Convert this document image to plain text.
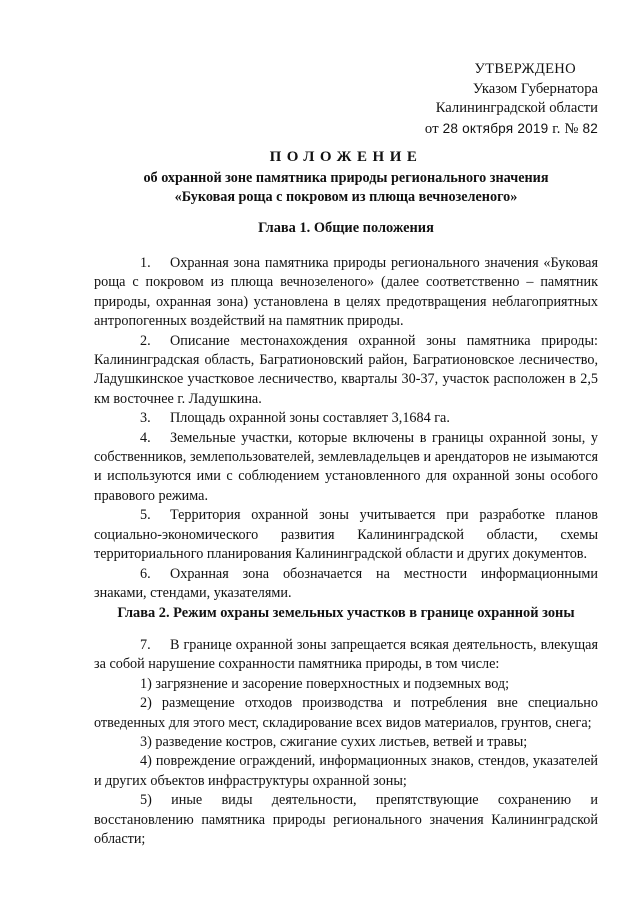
УТВЕРЖДЕНО
Указом Губернатора
Калининградской области
от 28 октября 2019 г. № 82
ПОЛОЖЕНИЕ
об охранной зоне памятника природы регионального значения
«Буковая роща с покровом из плюща вечнозеленого»
Глава 1. Общие положения

1. Охранная зона памятника природы регионального значения «Буковая роща с покровом из плюща вечнозеленого» (далее соответственно – памятник природы, охранная зона) установлена в целях предотвращения неблагоприятных антропогенных воздействий на памятник природы.

2. Описание местонахождения охранной зоны памятника природы: Калининградская область, Багратионовский район, Багратионовское лесничество, Ладушкинское участковое лесничество, кварталы 30-37, участок расположен в 2,5 км восточнее г. Ладушкина.

3. Площадь охранной зоны составляет 3,1684 га.

4. Земельные участки, которые включены в границы охранной зоны, у собственников, землепользователей, землевладельцев и арендаторов не изымаются и используются ими с соблюдением установленного для охранной зоны особого правового режима.

5. Территория охранной зоны учитывается при разработке планов социально-экономического развития Калининградской области, схемы территориального планирования Калининградской области и других документов.

6. Охранная зона обозначается на местности информационными знаками, стендами, указателями.

Глава 2. Режим охраны земельных участков в границе охранной зоны

7. В границе охранной зоны запрещается всякая деятельность, влекущая за собой нарушение сохранности памятника природы, в том числе:

1) загрязнение и засорение поверхностных и подземных вод;

2) размещение отходов производства и потребления вне специально отведенных для этого мест, складирование всех видов материалов, грунтов, снега;

3) разведение костров, сжигание сухих листьев, ветвей и травы;

4) повреждение ограждений, информационных знаков, стендов, указателей и других объектов инфраструктуры охранной зоны;

5) иные виды деятельности, препятствующие сохранению и восстановлению памятника природы регионального значения Калининградской области;
